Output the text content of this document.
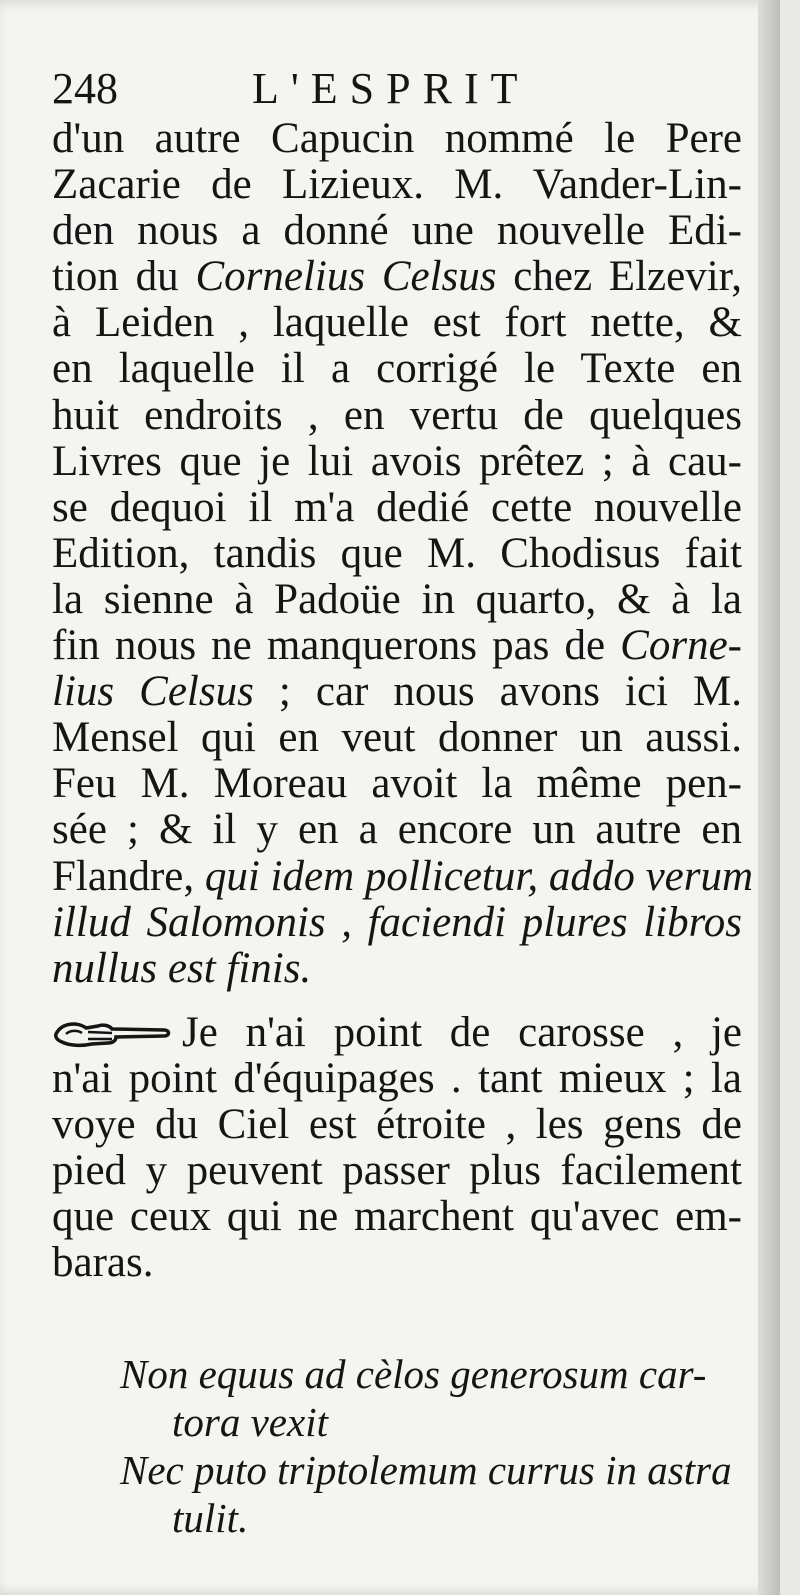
248	L'ESPRIT
d'un autre Capucin nommé le Pere
Zacarie de Lizieux. M. Vander-Lin-
den nous a donné une nouvelle Edi-
tion du Cornelius Celsus chez Elzevir,
à Leiden , laquelle est fort nette, &
en laquelle il a corrigé le Texte en
huit endroits , en vertu de quelques
Livres que je lui avois prêtez ; à cau-
se dequoi il m'a dedié cette nouvelle
Edition, tandis que M. Chodisus fait
la sienne à Padoüe in quarto, & à la
fin nous ne manquerons pas de Corne-
lius Celsus ; car nous avons ici M.
Mensel qui en veut donner un aussi.
Feu M. Moreau avoit la même pen-
sée ; & il y en a encore un autre en
Flandre, qui idem pollicetur, addo verum
illud Salomonis , faciendi plures libros
nullus est finis.
Je n'ai point de carosse , je
n'ai point d'équipages . tant mieux ; la
voye du Ciel est étroite , les gens de
pied y peuvent passer plus facilement
que ceux qui ne marchent qu'avec em-
baras.
Non equus ad cèlos generosum car-
tora vexit
Nec puto triptolemum currus in astra
tulit.
